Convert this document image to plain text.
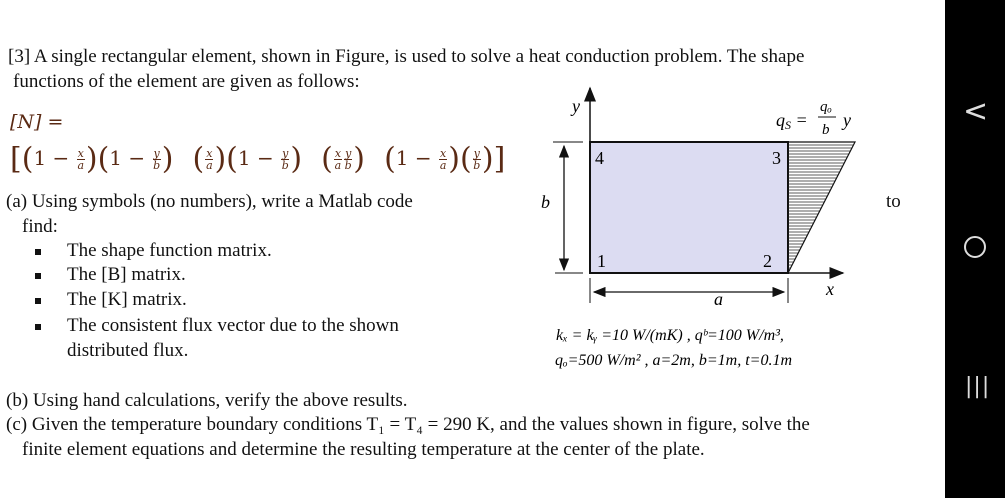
[3] A single rectangular element, shown in Figure, is used to solve a heat conduction problem. The shape
functions of the element are given as follows:
[N] =
[$(1 - \frac{x}{a} )(1 - \frac{y}{b}$ ) ( $\frac{x}{a} )(1 - \frac{y}{b}$ ) ( $\frac{x}{a} \frac{y}{b}$ ) ($1 - \frac{x}{a}$ )( $\frac{y}{b}$ )]
(a) Using symbols (no numbers), write a Matlab code	to
find:
The shape function matrix.
The [B] matrix.
The [K] matrix.
The consistent flux vector due to the shown
distributed flux.
(b) Using hand calculations, verify the above results.
(c) Given the temperature boundary conditions T₁ = T₄ = 290 K, and the values shown in figure, solve the
finite element equations and determine the resulting temperature at the center of the plate.
y
x
b
a
1	2
3
4
qS =
qₒ
b y
kₓ = kᵧ =10 W/(mK) , qᵇ=100 W/m³,
qₒ=500 W/m² , a=2m, b=1m, t=0.1m
<
|||
